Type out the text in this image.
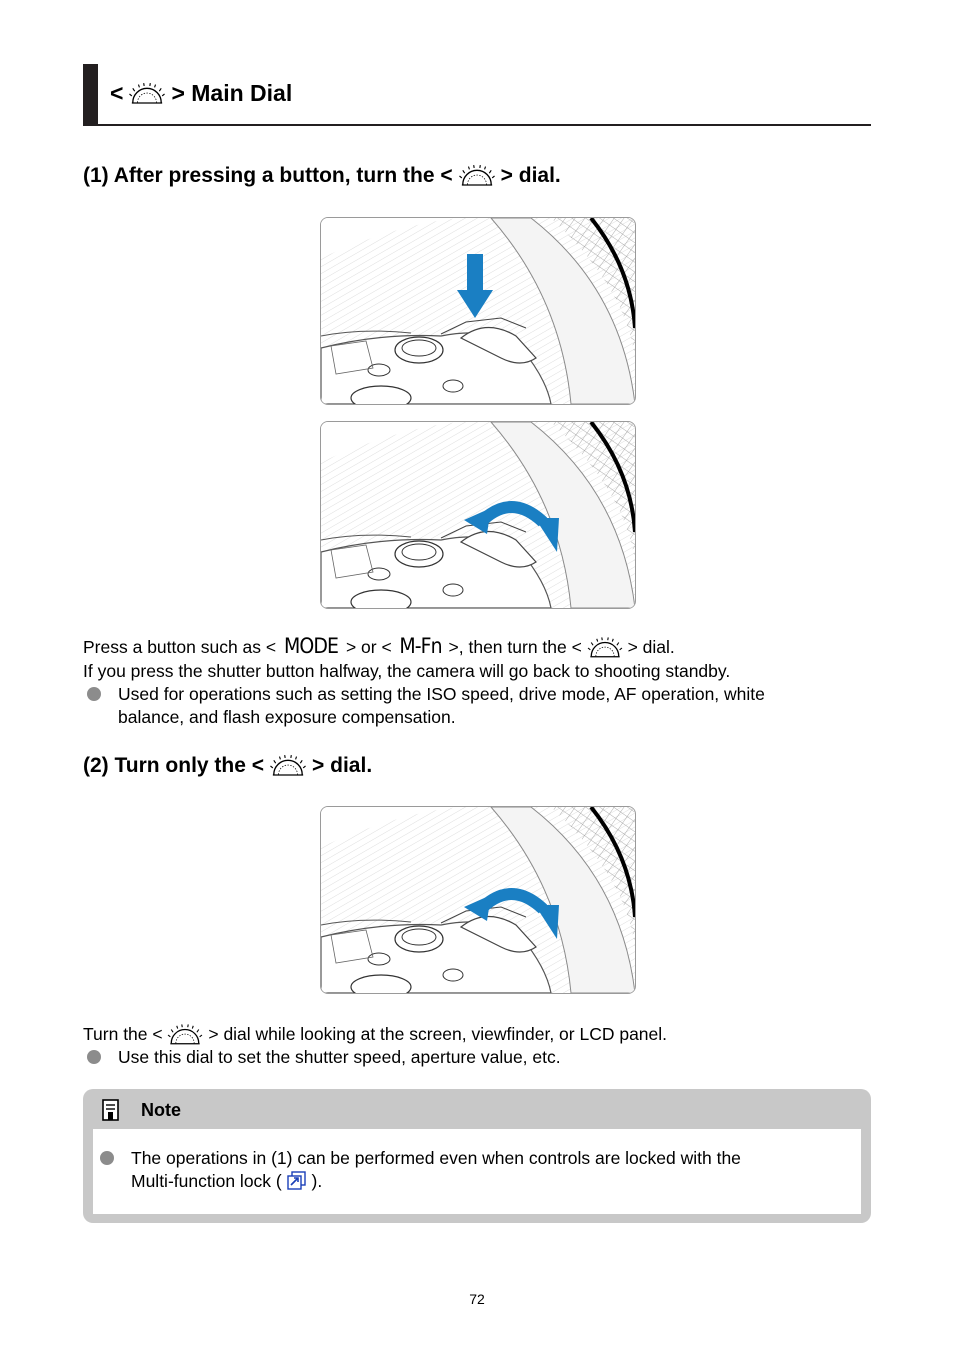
< > Main Dial
(1) After pressing a button, turn the < > dial.
Press a button such as < MODE > or < M-Fn >, then turn the <	> dial.
If you press the shutter button halfway, the camera will go back to shooting standby.
Used for operations such as setting the ISO speed, drive mode, AF operation, white
balance, and flash exposure compensation.
(2) Turn only the < > dial.
Turn the <	> dial while looking at the screen, viewfinder, or LCD panel.
Use this dial to set the shutter speed, aperture value, etc.
Note
The operations in (1) can be performed even when controls are locked with the
Multi-function lock ( ).
72
